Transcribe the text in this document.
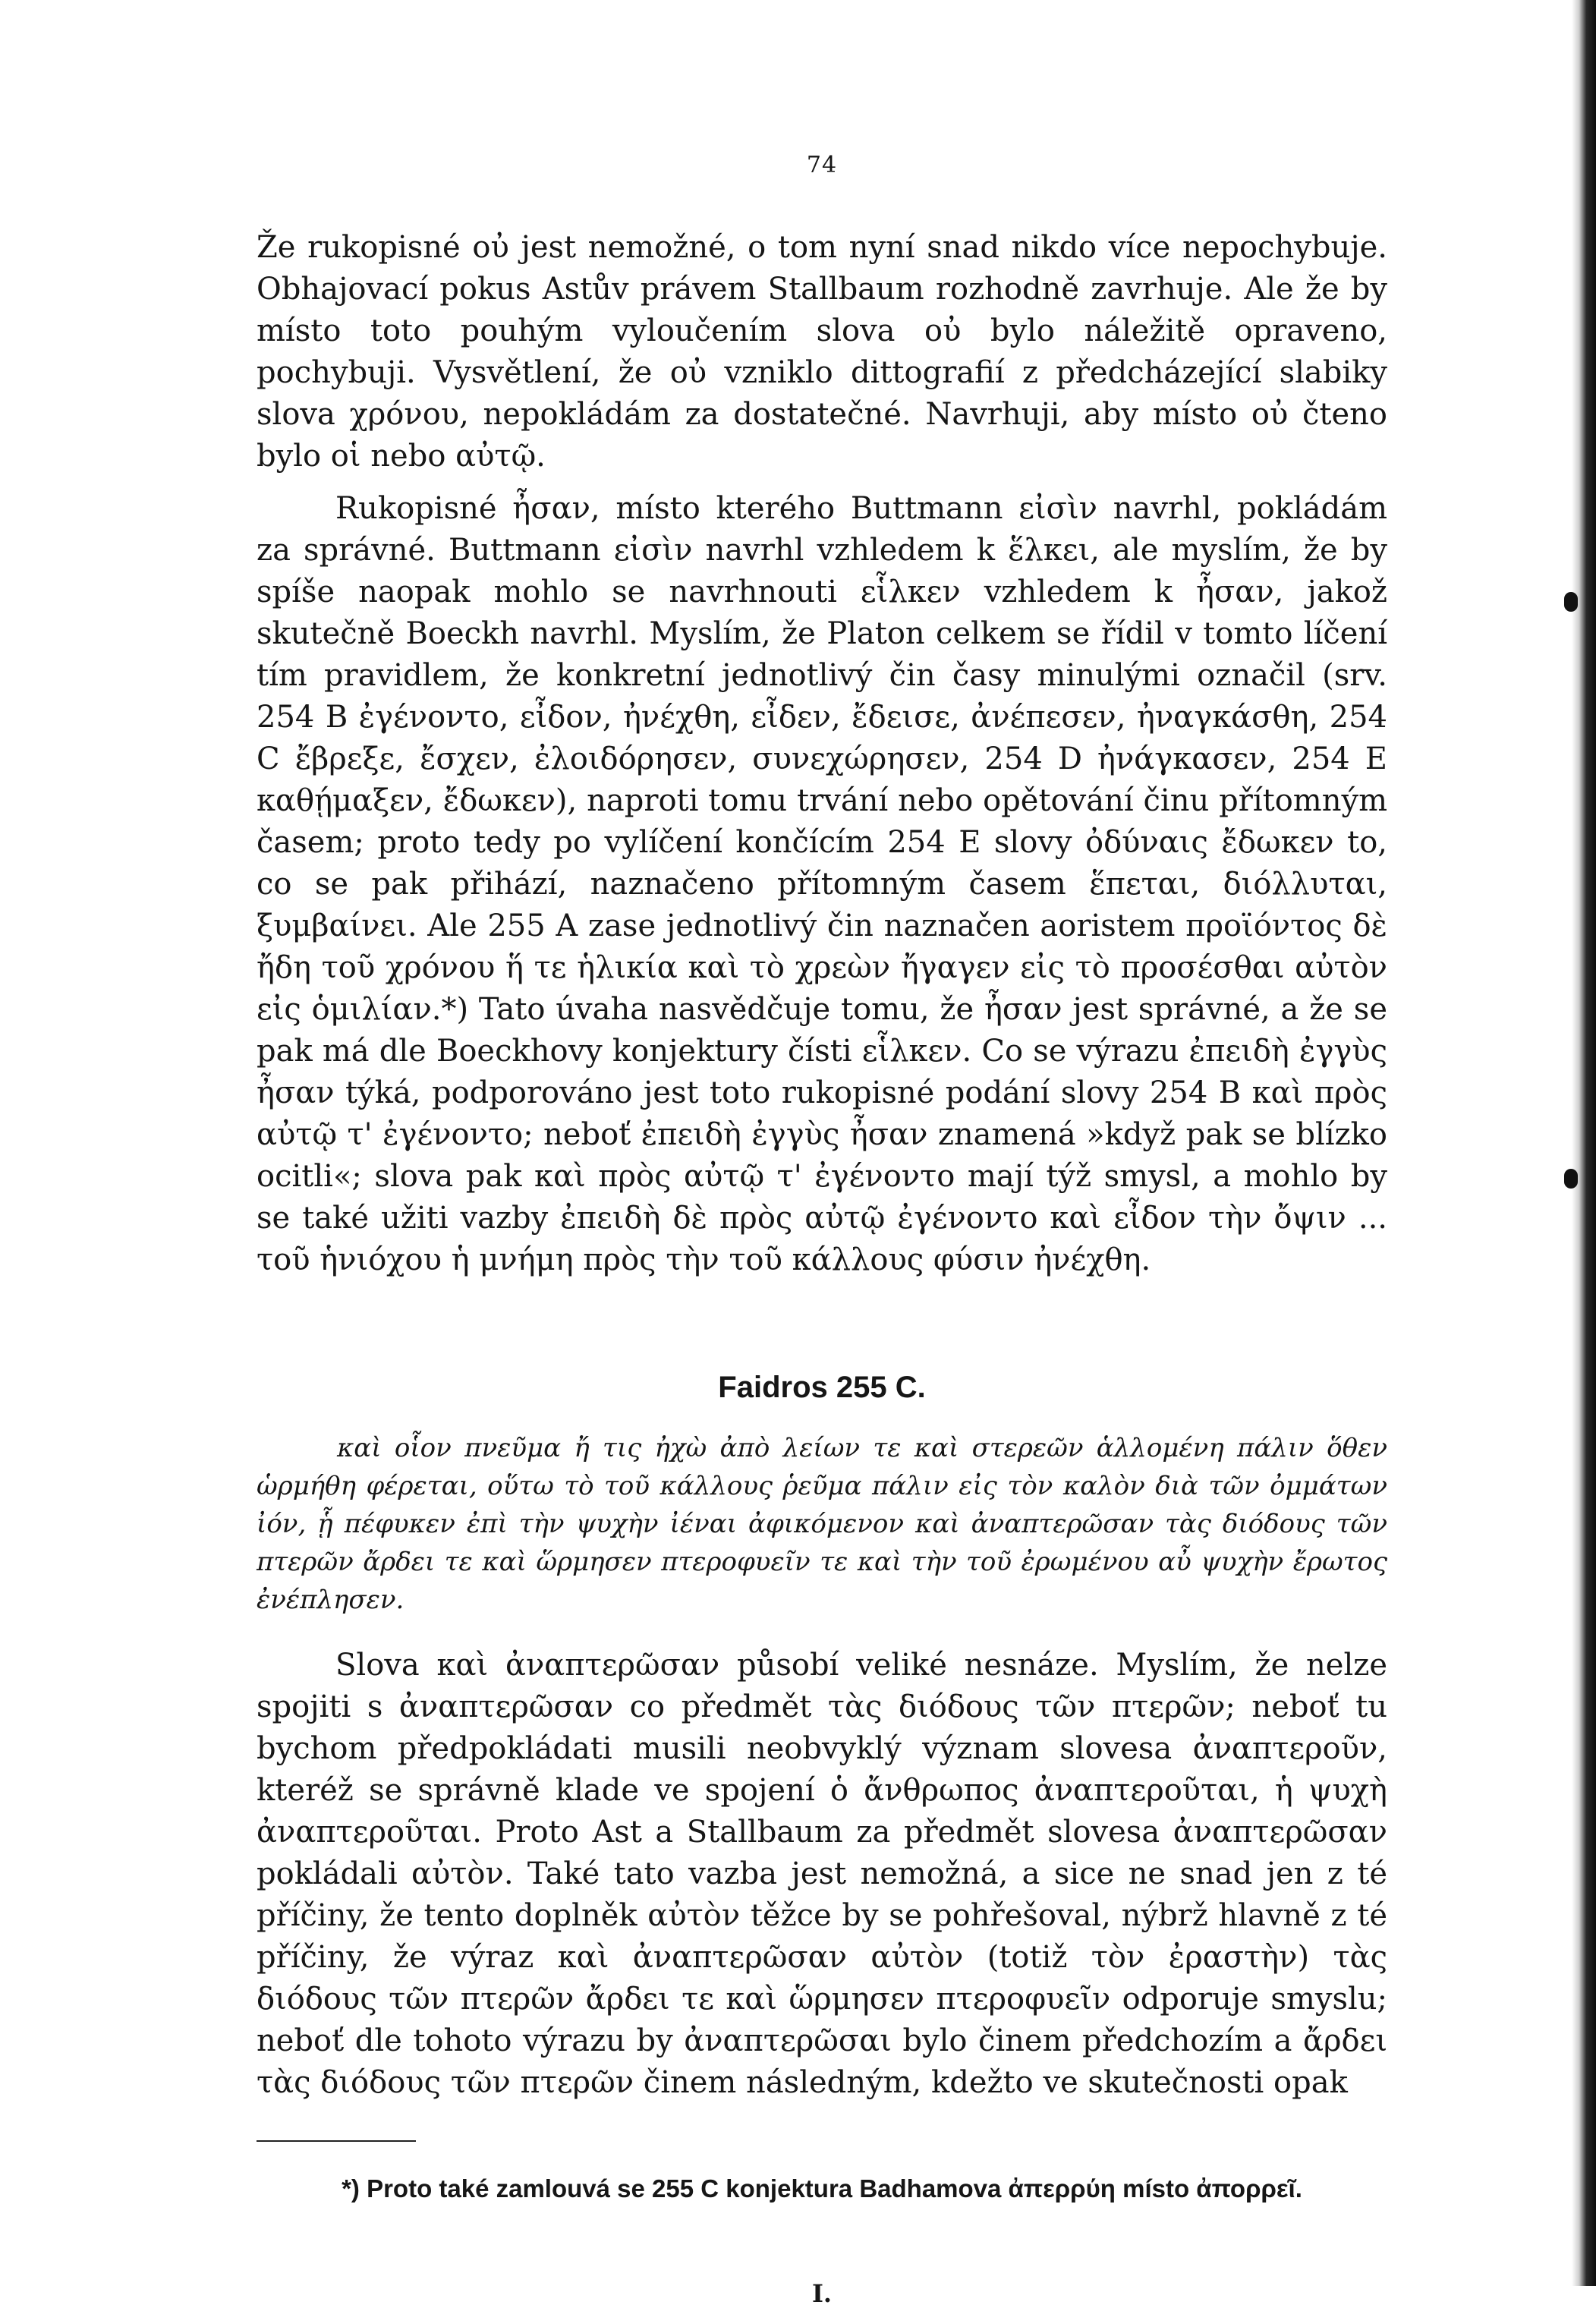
74

Že rukopisné οὐ jest nemožné, o tom nyní snad nikdo více nepochybuje. Obhajovací pokus Astův právem Stallbaum rozhodně zavrhuje. Ale že by místo toto pouhým vyloučením slova οὐ bylo náležitě opraveno, pochybuji. Vysvětlení, že οὐ vzniklo dittografií z předcházející slabiky slova χρόνου, nepokládám za dostatečné. Navrhuji, aby místo οὐ čteno bylo οἱ nebo αὐτῷ.

Rukopisné ἦσαν, místo kterého Buttmann εἰσὶν navrhl, pokládám za správné. Buttmann εἰσὶν navrhl vzhledem k ἕλκει, ale myslím, že by spíše naopak mohlo se navrhnouti εἷλκεν vzhledem k ἦσαν, jakož skutečně Boeckh navrhl. Myslím, že Platon celkem se řídil v tomto líčení tím pravidlem, že konkretní jednotlivý čin časy minulými označil (srv. 254 B ἐγένοντο, εἶδον, ἠνέχθη, εἶδεν, ἔδεισε, ἀνέπεσεν, ἠναγκάσθη, 254 C ἔβρεξε, ἔσχεν, ἐλοιδόρησεν, συνεχώρησεν, 254 D ἠνάγκασεν, 254 E καθῄμαξεν, ἔδωκεν), naproti tomu trvání nebo opětování činu přítomným časem; proto tedy po vylíčení končícím 254 E slovy ὀδύναις ἔδωκεν to, co se pak přihází, naznačeno přítomným časem ἕπεται, διόλλυται, ξυμβαίνει. Ale 255 A zase jednotlivý čin naznačen aoristem προϊόντος δὲ ἤδη τοῦ χρόνου ἥ τε ἡλικία καὶ τὸ χρεὼν ἤγαγεν εἰς τὸ προσέσθαι αὐτὸν εἰς ὁμιλίαν.*) Tato úvaha nasvědčuje tomu, že ἦσαν jest správné, a že se pak má dle Boeckhovy konjektury čísti εἷλκεν. Co se výrazu ἐπειδὴ ἐγγὺς ἦσαν týká, podporováno jest toto rukopisné podání slovy 254 B καὶ πρὸς αὐτῷ τ' ἐγένοντο; neboť ἐπειδὴ ἐγγὺς ἦσαν znamená »když pak se blízko ocitli«; slova pak καὶ πρὸς αὐτῷ τ' ἐγένοντο mají týž smysl, a mohlo by se také užiti vazby ἐπειδὴ δὲ πρὸς αὐτῷ ἐγένοντο καὶ εἶδον τὴν ὄψιν ... τοῦ ἡνιόχου ἡ μνήμη πρὸς τὴν τοῦ κάλλους φύσιν ἠνέχθη.

Faidros 255 C.

καὶ οἷον πνεῦμα ἤ τις ἠχὼ ἀπὸ λείων τε καὶ στερεῶν ἁλλομένη πάλιν ὅθεν ὡρμήθη φέρεται, οὕτω τὸ τοῦ κάλλους ῥεῦμα πάλιν εἰς τὸν καλὸν διὰ τῶν ὀμμάτων ἰόν, ᾗ πέφυκεν ἐπὶ τὴν ψυχὴν ἰέναι ἀφικόμενον καὶ ἀναπτερῶσαν τὰς διόδους τῶν πτερῶν ἄρδει τε καὶ ὥρμησεν πτεροφυεῖν τε καὶ τὴν τοῦ ἐρωμένου αὖ ψυχὴν ἔρωτος ἐνέπλησεν.

Slova καὶ ἀναπτερῶσαν působí veliké nesnáze. Myslím, že nelze spojiti s ἀναπτερῶσαν co předmět τὰς διόδους τῶν πτερῶν; neboť tu bychom předpokládati musili neobvyklý význam slovesa ἀναπτεροῦν, kteréž se správně klade ve spojení ὁ ἄνθρωπος ἀναπτεροῦται, ἡ ψυχὴ ἀναπτεροῦται. Proto Ast a Stallbaum za předmět slovesa ἀναπτερῶσαν pokládali αὐτὸν. Také tato vazba jest nemožná, a sice ne snad jen z té příčiny, že tento doplněk αὐτὸν těžce by se pohřešoval, nýbrž hlavně z té příčiny, že výraz καὶ ἀναπτερῶσαν αὐτὸν (totiž τὸν ἐραστὴν) τὰς διόδους τῶν πτερῶν ἄρδει τε καὶ ὥρμησεν πτεροφυεῖν odporuje smyslu; neboť dle tohoto výrazu by ἀναπτερῶσαι bylo činem předchozím a ἄρδει τὰς διόδους τῶν πτερῶν činem následným, kdežto ve skutečnosti opak

*) Proto také zamlouvá se 255 C konjektura Badhamova ἀπερρύη místo ἀπορρεῖ.

I.
